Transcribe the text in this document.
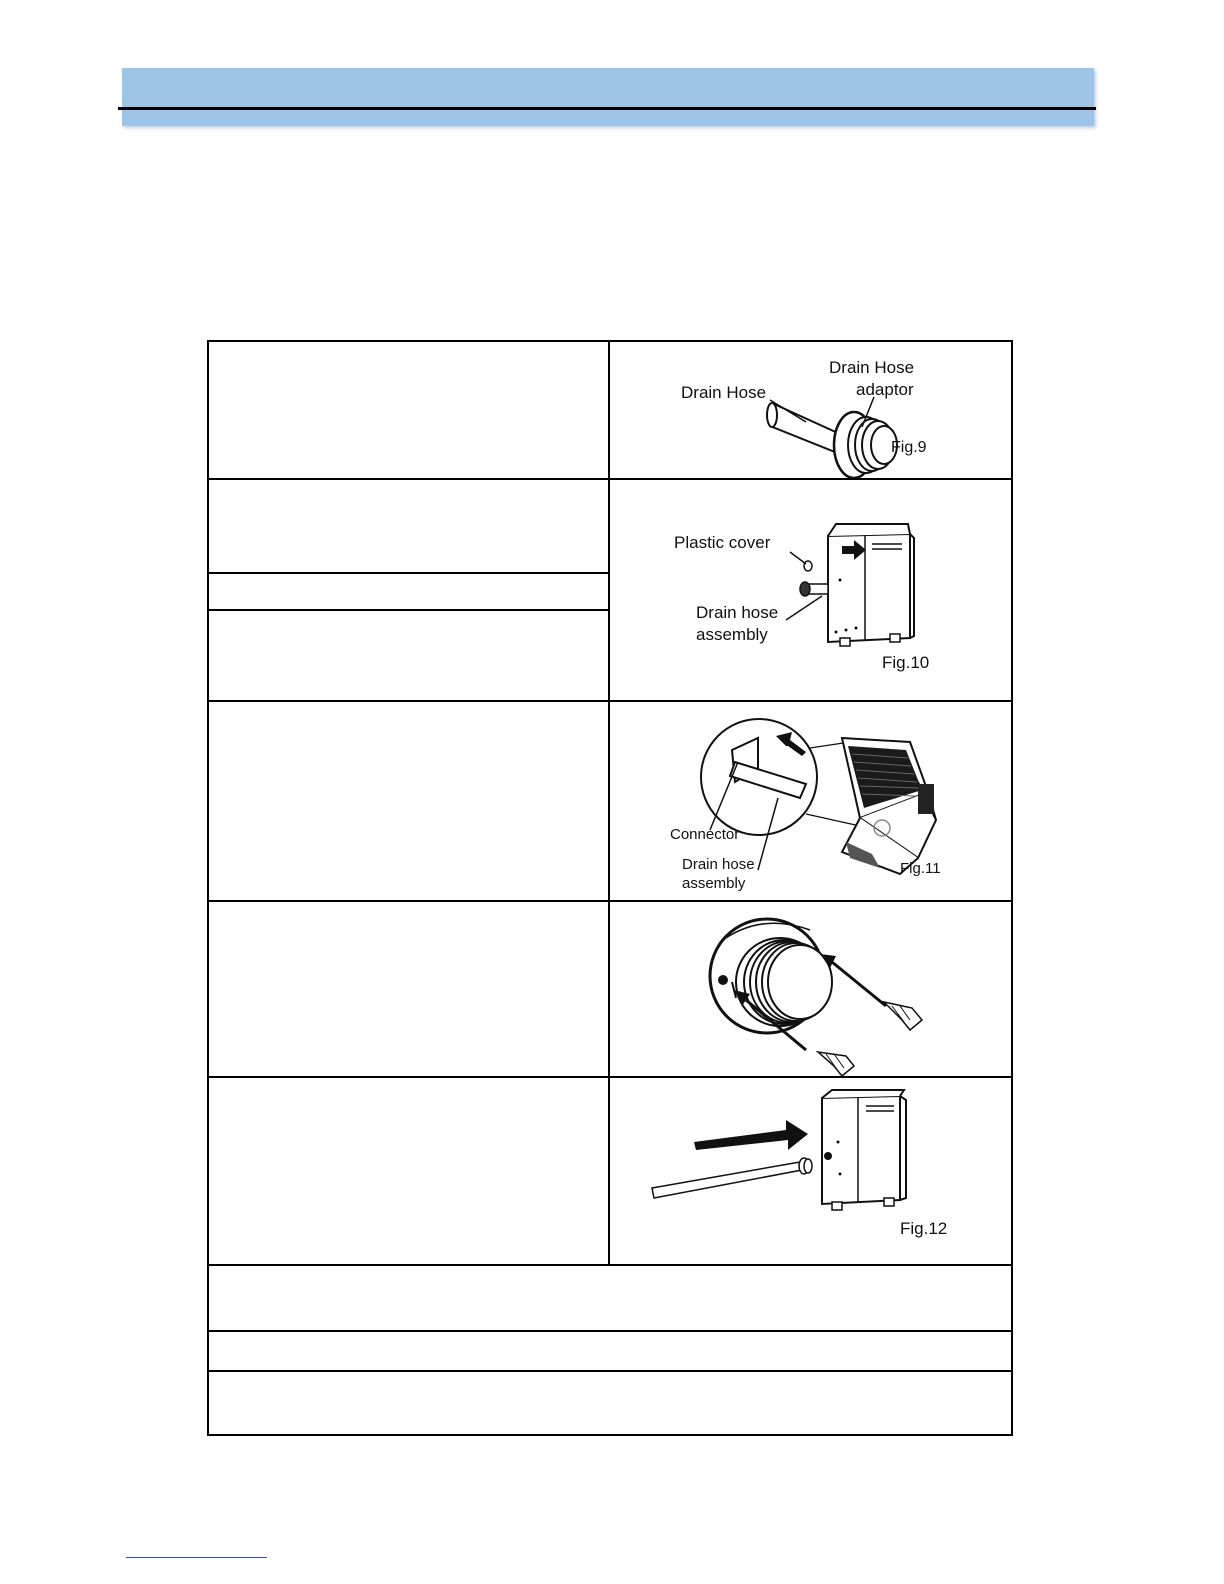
Drain Hose
Drain Hose
adaptor
Fig.9

Plastic cover
Drain hose
assembly
Fig.10

Connector
Drain hose
assembly
Fig.11

Fig.12
